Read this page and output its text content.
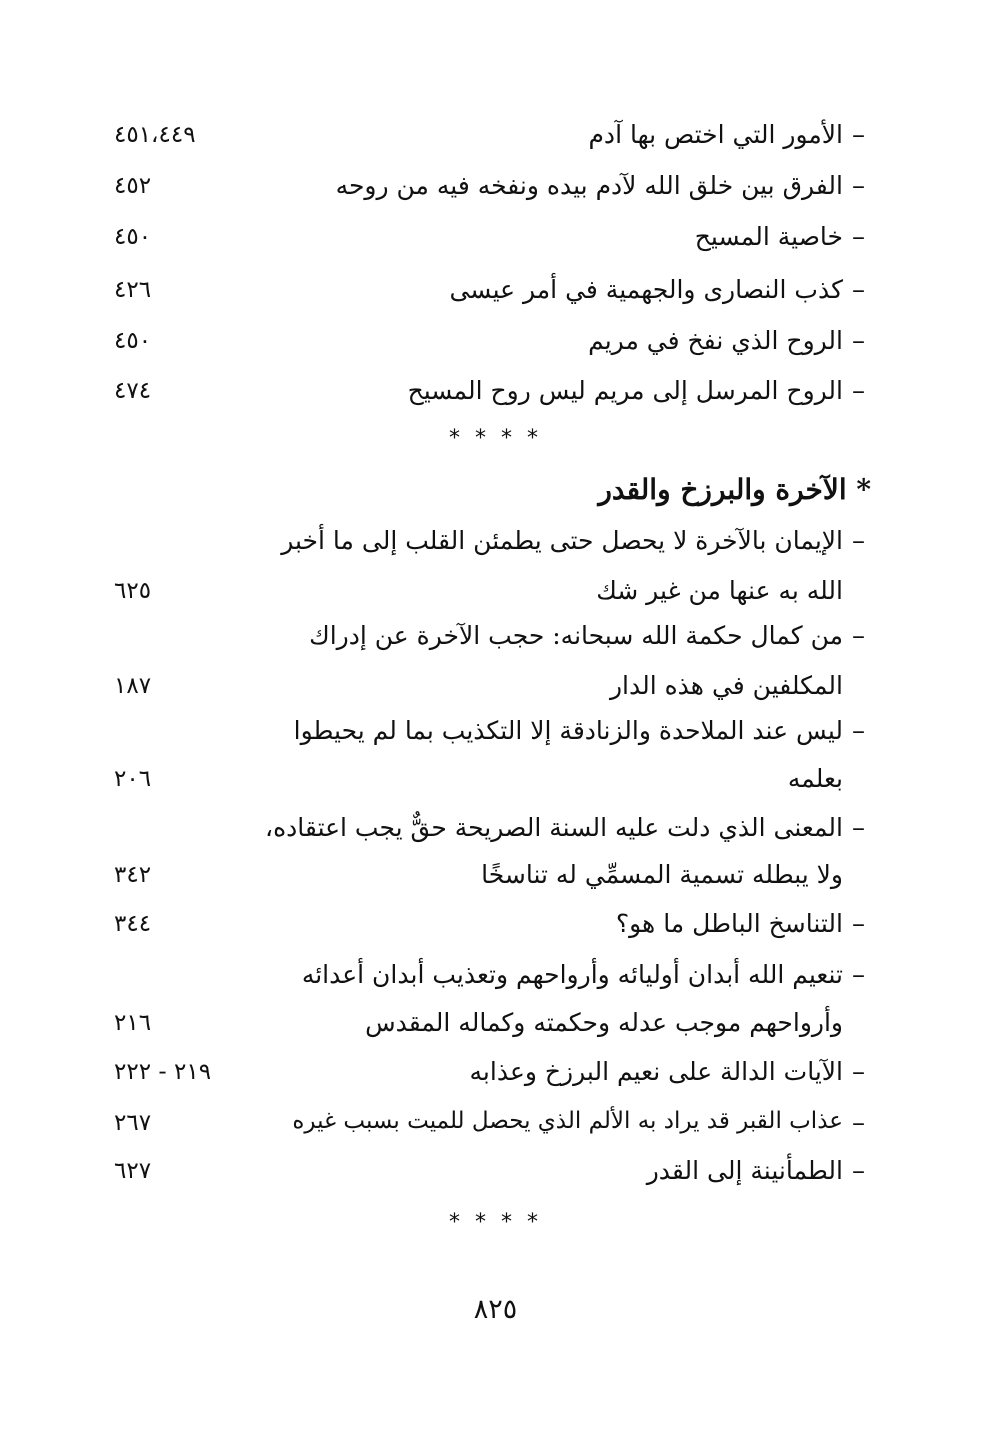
–
الأمور التي اختص بها آدم
٤٥١،٤٤٩
–
الفرق بين خلق الله لآدم بيده ونفخه فيه من روحه
٤٥٢
–
خاصية المسيح
٤٥٠
–
كذب النصارى والجهمية في أمر عيسى
٤٢٦
–
الروح الذي نفخ في مريم
٤٥٠
–
الروح المرسل إلى مريم ليس روح المسيح
٤٧٤
* * * *
* الآخرة والبرزخ والقدر
–
الإيمان بالآخرة لا يحصل حتى يطمئن القلب إلى ما أخبر
الله به عنها من غير شك
٦٢٥
–
من كمال حكمة الله سبحانه: حجب الآخرة عن إدراك
المكلفين في هذه الدار
١٨٧
–
ليس عند الملاحدة والزنادقة إلا التكذيب بما لم يحيطوا
بعلمه
٢٠٦
–
المعنى الذي دلت عليه السنة الصريحة حقٌّ يجب اعتقاده،
ولا يبطله تسمية المسمِّي له تناسخًا
٣٤٢
–
التناسخ الباطل ما هو؟
٣٤٤
–
تنعيم الله أبدان أوليائه وأرواحهم وتعذيب أبدان أعدائه
وأرواحهم موجب عدله وحكمته وكماله المقدس
٢١٦
–
الآيات الدالة على نعيم البرزخ وعذابه
٢١٩ - ٢٢٢
–
عذاب القبر قد يراد به الألم الذي يحصل للميت بسبب غيره
٢٦٧
–
الطمأنينة إلى القدر
٦٢٧
* * * *
٨٢٥
